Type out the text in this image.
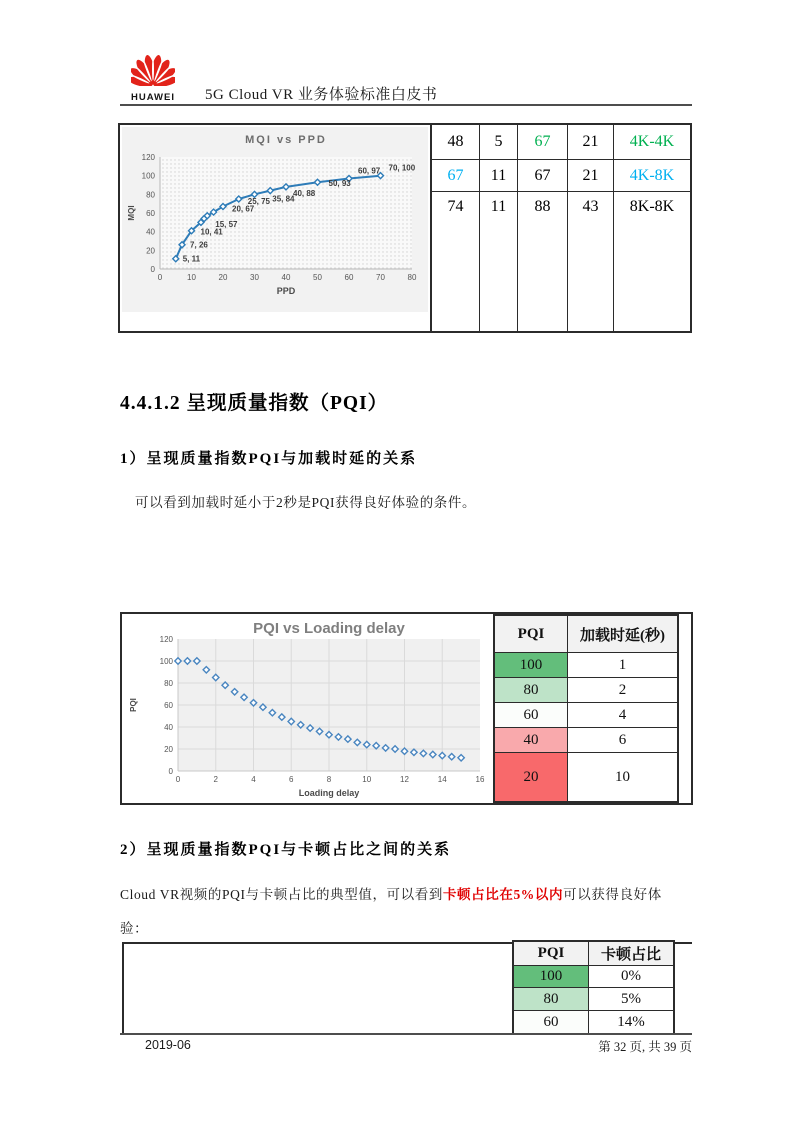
HUAWEI 5G Cloud VR 业务体验标准白皮书
0	10	20	30	40	50	60	70	80
0
20
40
60
80
100
120
MQI vs PPD
PPD
MQI
5, 11
7, 26
10, 41
15, 57
20, 67
25, 75 35, 84
40, 88
50, 93
60, 97 70, 100
48	5	67	21	4K-4K
67	11	67	21	4K-8K
74	11	88	43	8K-8K
4.4.1.2 呈现质量指数（PQI）
1）呈现质量指数PQI与加载时延的关系
可以看到加载时延小于2秒是PQI获得良好体验的条件。
0	2	4	6	8	10	12	14	16
0
20
40
60
80
100
120
PQI vs Loading delay
Loading delay
PQI
PQI	加载时延(秒)
100	1
80	2
60	4
40	6
20	10
2）呈现质量指数PQI与卡顿占比之间的关系
Cloud VR视频的PQI与卡顿占比的典型值，可以看到卡顿占比在5%以内可以获得良好体
验：
PQI	卡顿占比
100	0%
80	5%
60	14%
2019-06	第 32 页, 共 39 页
